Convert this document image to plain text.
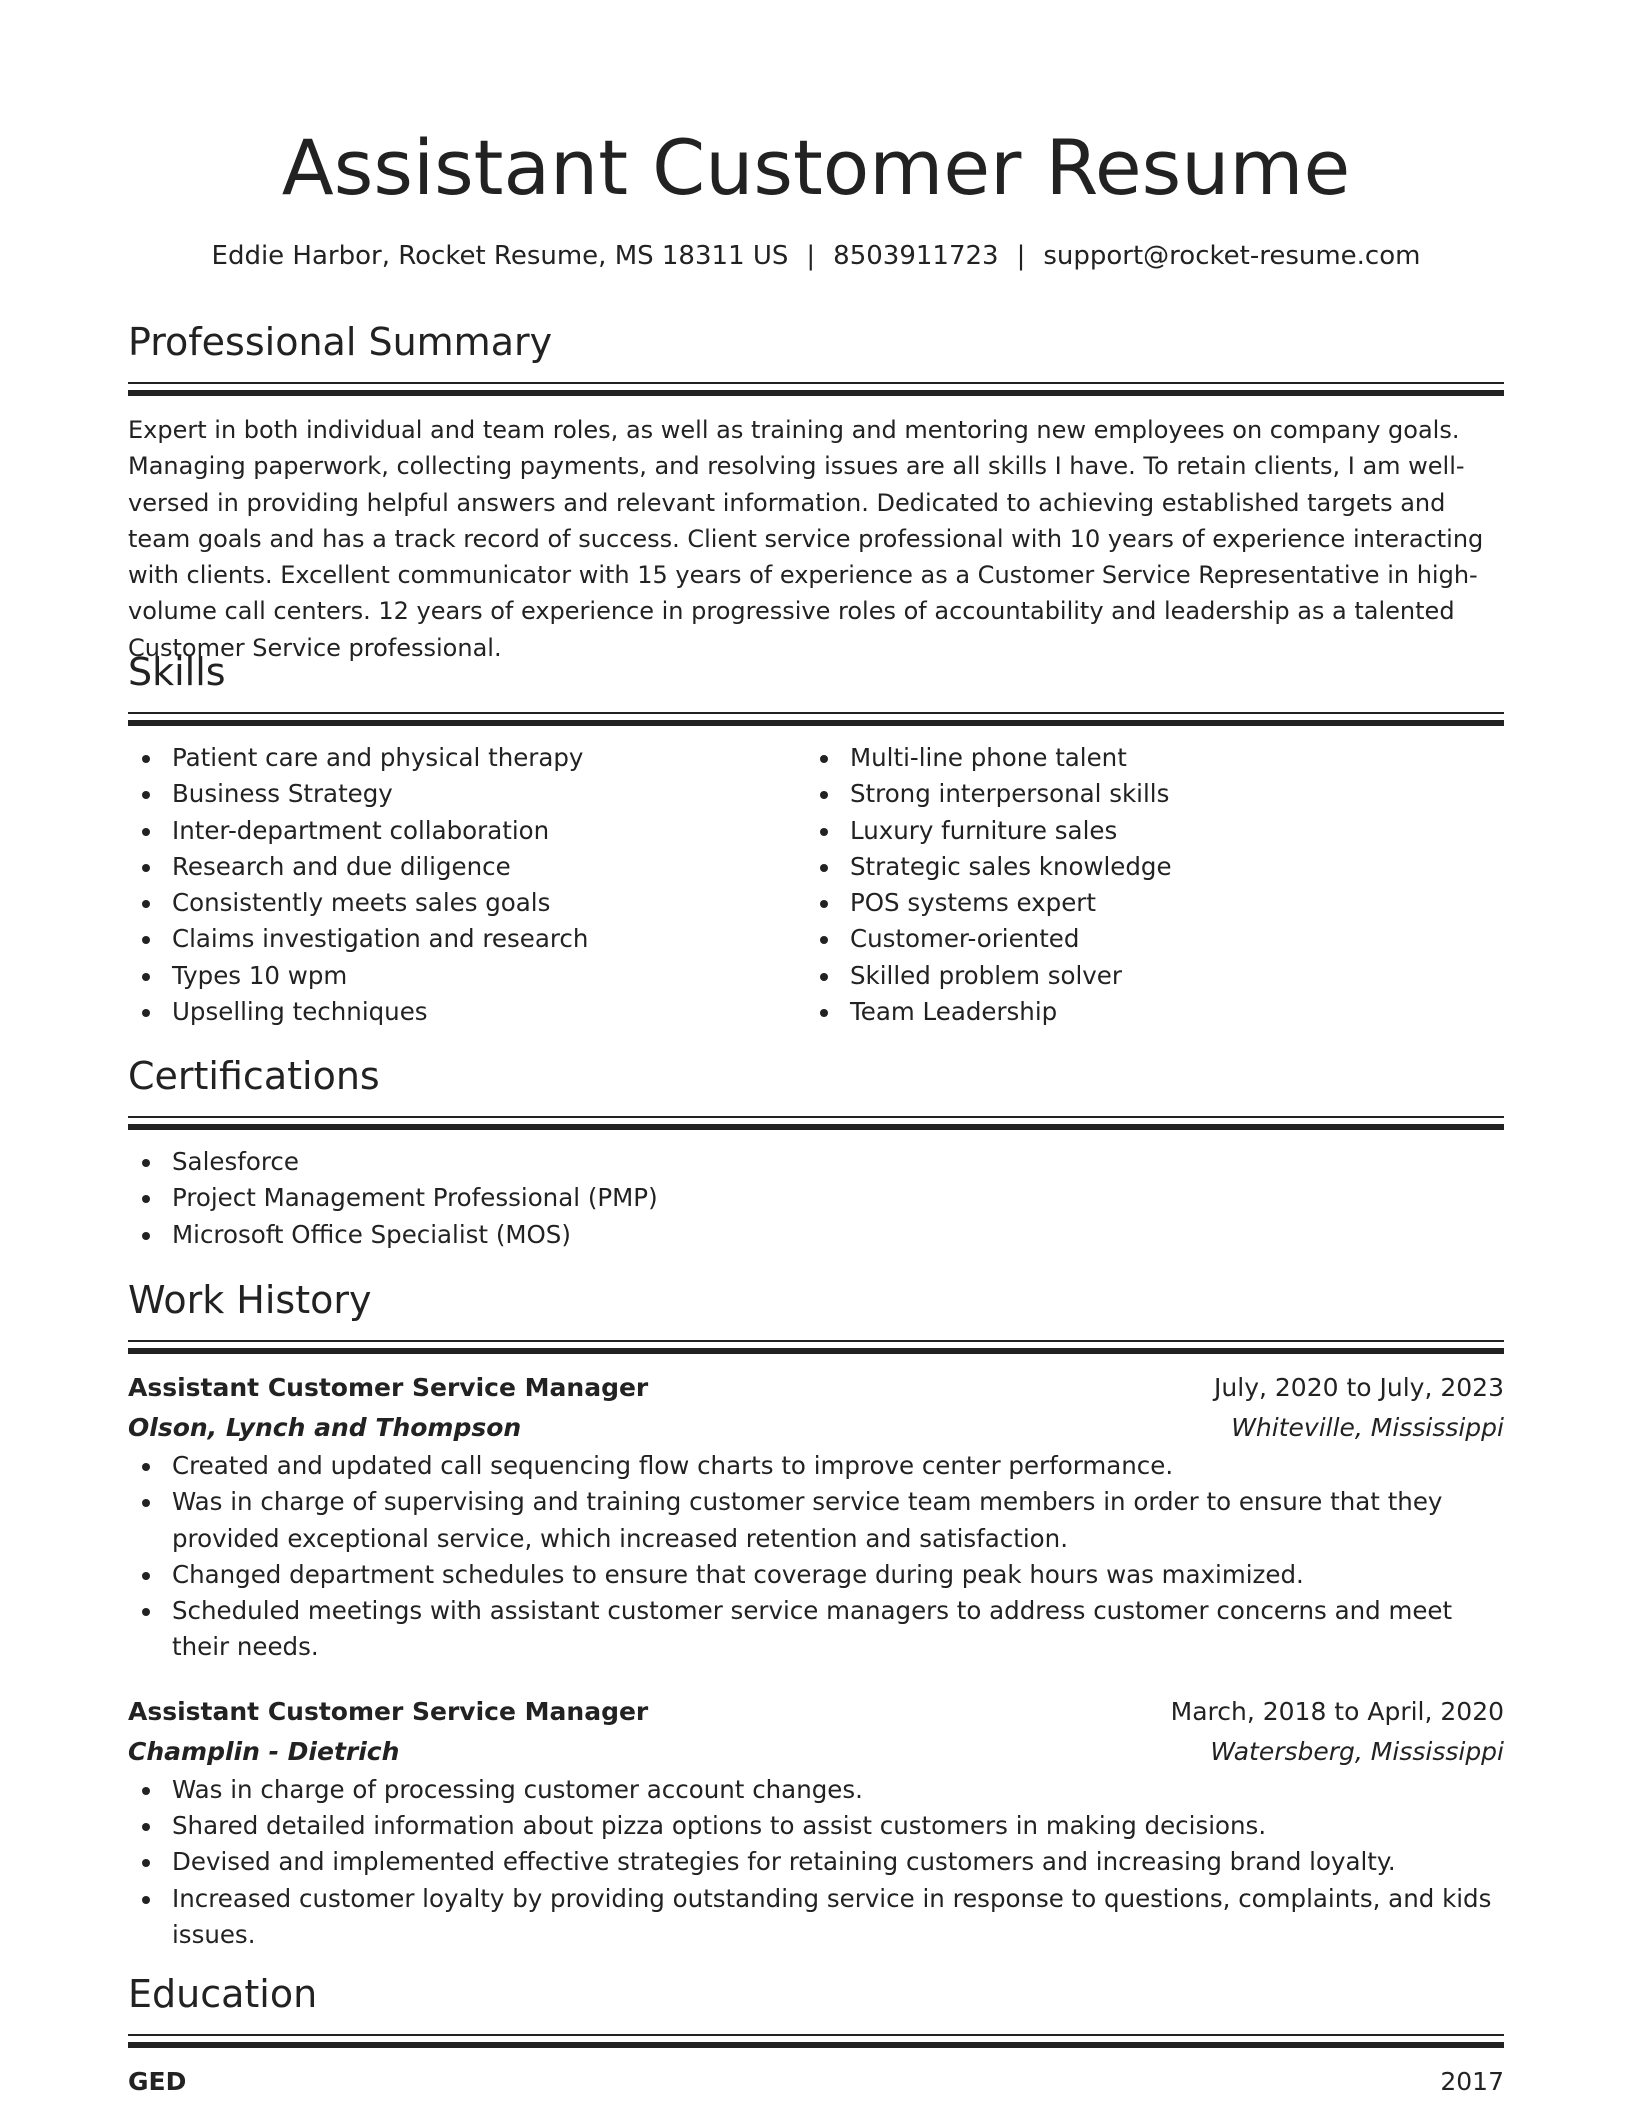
Assistant Customer Resume
Eddie Harbor, Rocket Resume, MS 18311 US | 8503911723 | support@rocket-resume.com
Professional Summary

Expert in both individual and team roles, as well as training and mentoring new employees on company goals. Managing paperwork, collecting payments, and resolving issues are all skills I have. To retain clients, I am well-versed in providing helpful answers and relevant information. Dedicated to achieving established targets and team goals and has a track record of success. Client service professional with 10 years of experience interacting with clients. Excellent communicator with 15 years of experience as a Customer Service Representative in high-volume call centers. 12 years of experience in progressive roles of accountability and leadership as a talented Customer Service professional.

Skills
Patient care and physical therapy
Business Strategy
Inter-department collaboration
Research and due diligence
Consistently meets sales goals
Claims investigation and research
Types 10 wpm
Upselling techniques
Multi-line phone talent
Strong interpersonal skills
Luxury furniture sales
Strategic sales knowledge
POS systems expert
Customer-oriented
Skilled problem solver
Team Leadership
Certifications
Salesforce
Project Management Professional (PMP)
Microsoft Office Specialist (MOS)
Work History
Assistant Customer Service Manager	July, 2020 to July, 2023
Olson, Lynch and Thompson	Whiteville, Mississippi
Created and updated call sequencing flow charts to improve center performance.
Was in charge of supervising and training customer service team members in order to ensure that they provided exceptional service, which increased retention and satisfaction.
Changed department schedules to ensure that coverage during peak hours was maximized.
Scheduled meetings with assistant customer service managers to address customer concerns and meet their needs.
Assistant Customer Service Manager	March, 2018 to April, 2020
Champlin - Dietrich	Watersberg, Mississippi
Was in charge of processing customer account changes.
Shared detailed information about pizza options to assist customers in making decisions.
Devised and implemented effective strategies for retaining customers and increasing brand loyalty.
Increased customer loyalty by providing outstanding service in response to questions, complaints, and kids issues.
Education
GED	2017
